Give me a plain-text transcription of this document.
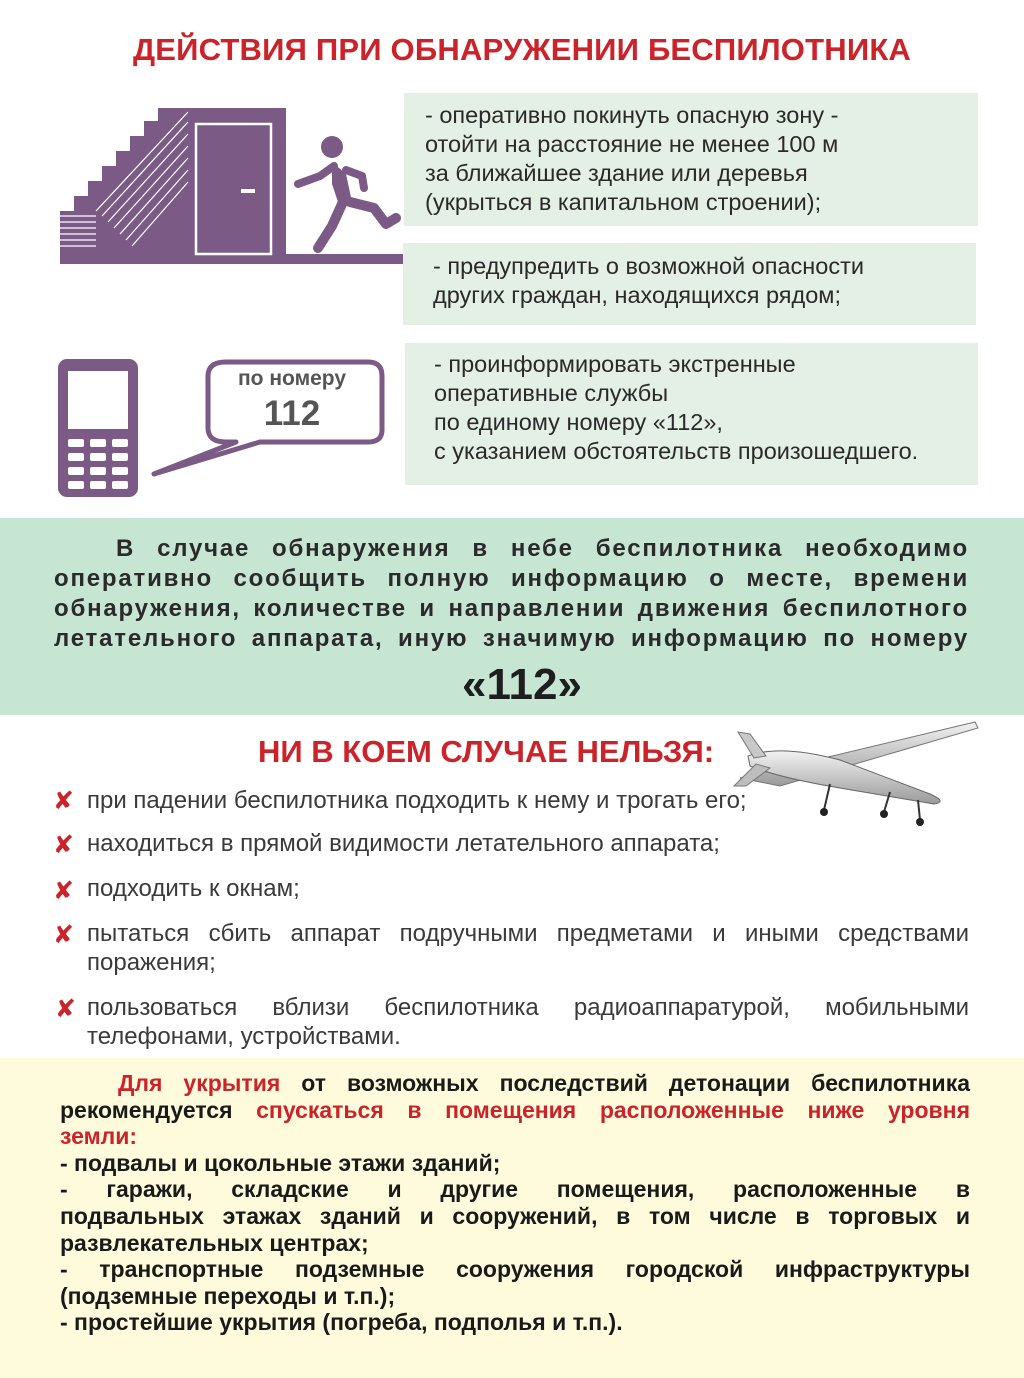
ДЕЙСТВИЯ ПРИ ОБНАРУЖЕНИИ БЕСПИЛОТНИКА
- оперативно покинуть опасную зону -
отойти на расстояние не менее 100 м
за ближайшее здание или деревья
(укрыться в капитальном строении);
- предупредить о возможной опасности
других граждан, находящихся рядом;
- проинформировать экстренные
оперативные службы
по единому номеру «112»,
с указанием обстоятельств произошедшего.
по номеру
112
В случае обнаружения в небе беспилотника необходимо
оперативно сообщить полную информацию о месте, времени
обнаружения, количестве и направлении движения беспилотного
летательного аппарата, иную значимую информацию по номеру
«112»
НИ В КОЕМ СЛУЧАЕ НЕЛЬЗЯ:
✘ при падении беспилотника подходить к нему и трогать его;
✘ находиться в прямой видимости летательного аппарата;
✘ подходить к окнам;
✘ пытаться сбить аппарат подручными предметами и иными средствами
поражения;
✘ пользоваться вблизи беспилотника радиоаппаратурой, мобильными
телефонами, устройствами.
Для укрытия от возможных последствий детонации беспилотника
рекомендуется спускаться в помещения расположенные ниже уровня
земли:
- подвалы и цокольные этажи зданий;
- гаражи, складские и другие помещения, расположенные в
подвальных этажах зданий и сооружений, в том числе в торговых и
развлекательных центрах;
- транспортные подземные сооружения городской инфраструктуры
(подземные переходы и т.п.);
- простейшие укрытия (погреба, подполья и т.п.).
